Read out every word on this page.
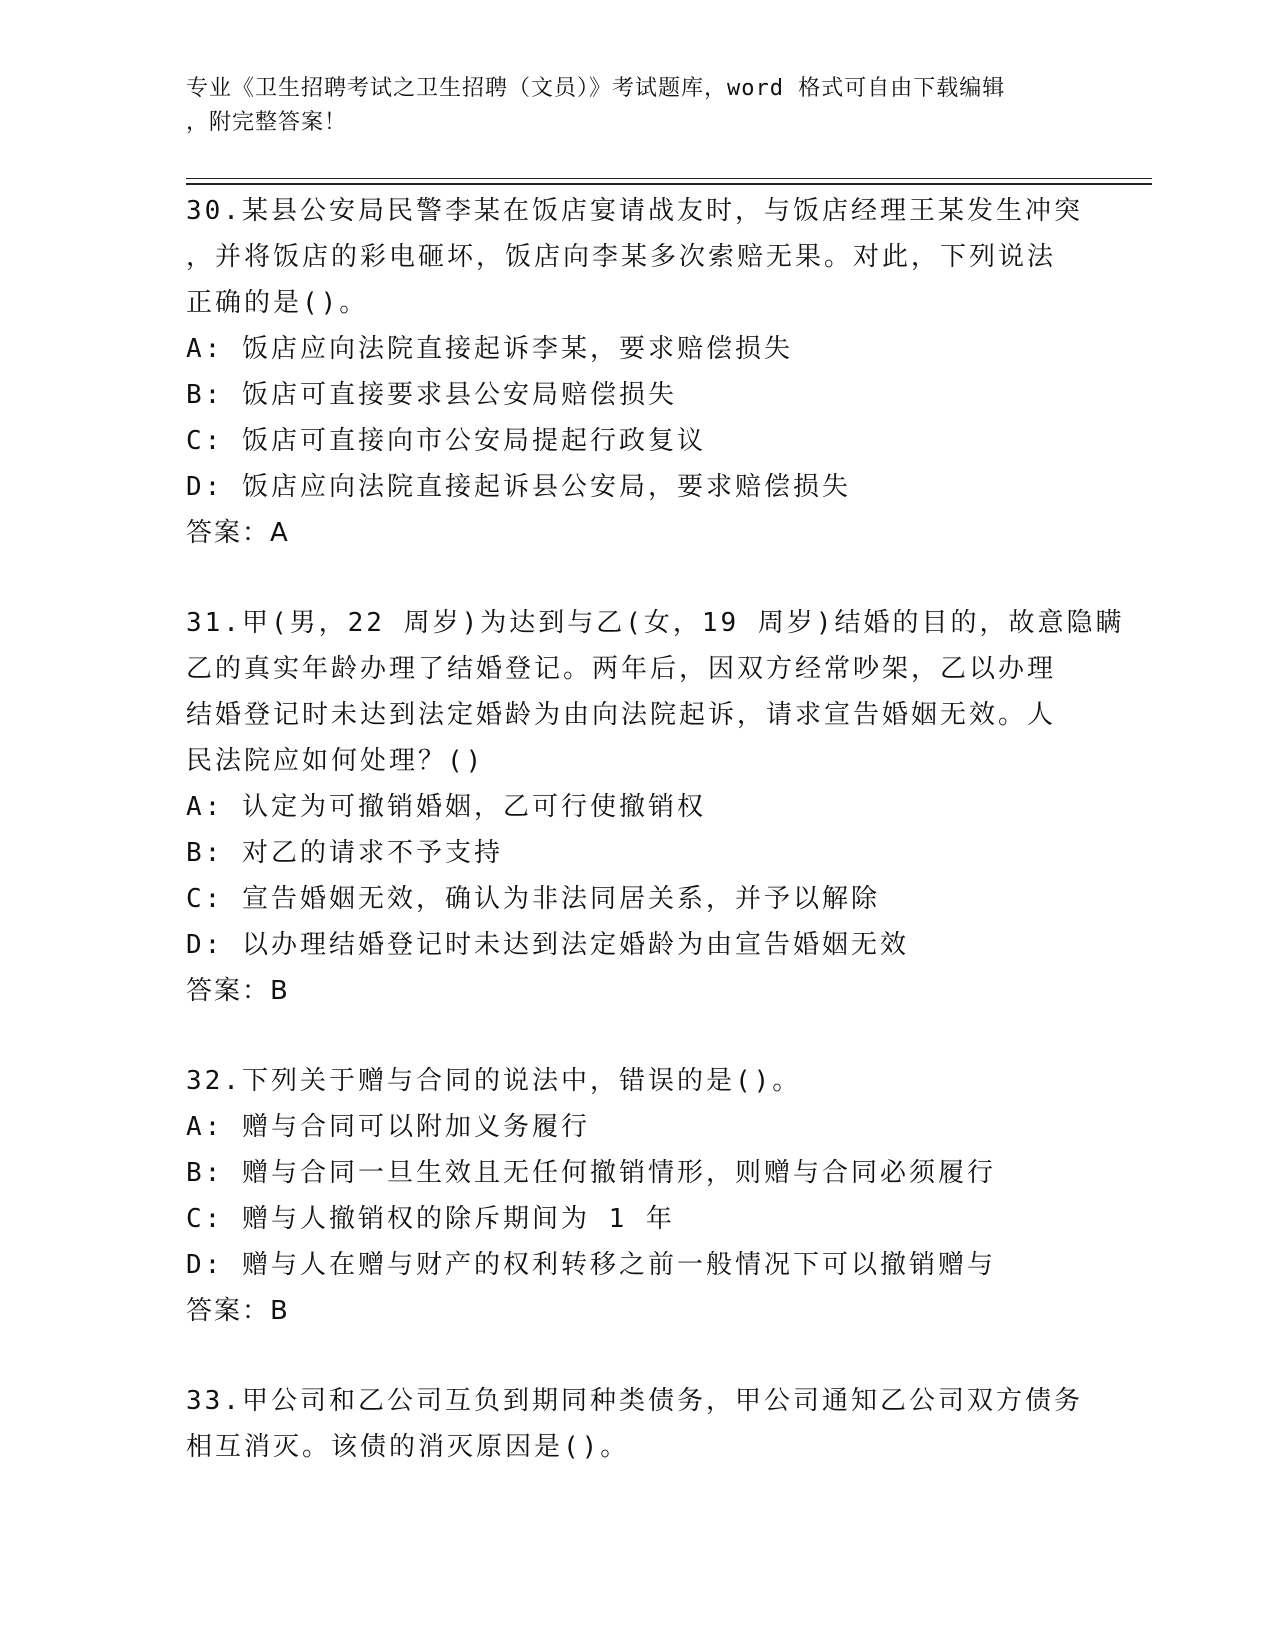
专业《卫生招聘考试之卫生招聘（文员）》考试题库，word 格式可自由下载编辑
，附完整答案！
30.某县公安局民警李某在饭店宴请战友时，与饭店经理王某发生冲突
，并将饭店的彩电砸坏，饭店向李某多次索赔无果。对此，下列说法
正确的是()。
A: 饭店应向法院直接起诉李某，要求赔偿损失
B: 饭店可直接要求县公安局赔偿损失
C: 饭店可直接向市公安局提起行政复议
D: 饭店应向法院直接起诉县公安局，要求赔偿损失
答案：A
31.甲(男，22 周岁)为达到与乙(女，19 周岁)结婚的目的，故意隐瞒
乙的真实年龄办理了结婚登记。两年后，因双方经常吵架，乙以办理
结婚登记时未达到法定婚龄为由向法院起诉，请求宣告婚姻无效。人
民法院应如何处理？()
A: 认定为可撤销婚姻，乙可行使撤销权
B: 对乙的请求不予支持
C: 宣告婚姻无效，确认为非法同居关系，并予以解除
D: 以办理结婚登记时未达到法定婚龄为由宣告婚姻无效
答案：B
32.下列关于赠与合同的说法中，错误的是()。
A: 赠与合同可以附加义务履行
B: 赠与合同一旦生效且无任何撤销情形，则赠与合同必须履行
C: 赠与人撤销权的除斥期间为 1 年
D: 赠与人在赠与财产的权利转移之前一般情况下可以撤销赠与
答案：B
33.甲公司和乙公司互负到期同种类债务，甲公司通知乙公司双方债务
相互消灭。该债的消灭原因是()。
